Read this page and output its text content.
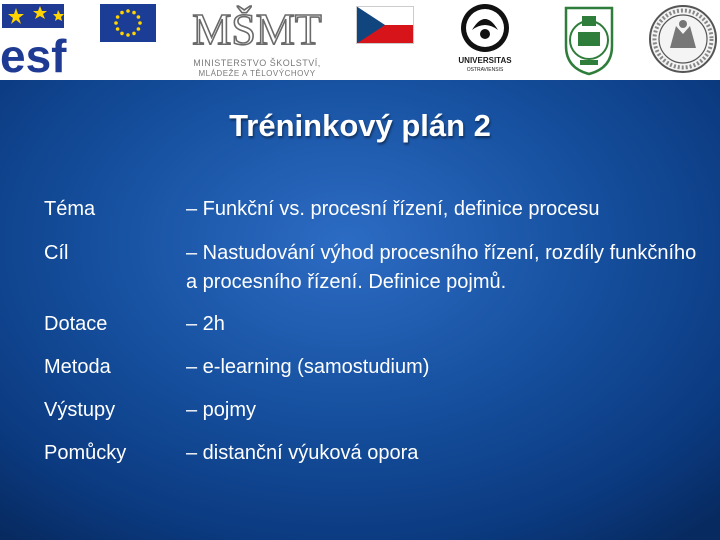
esf
MŠMT
MINISTERSTVO ŠKOLSTVÍ,
MLÁDEŽE A TĚLOVÝCHOVY
UNIVERSITAS
OSTRAVIENSIS
Tréninkový plán 2
Téma	– Funkční vs. procesní řízení, definice procesu
Cíl	– Nastudování výhod procesního řízení, rozdíly funkčního a procesního řízení. Definice pojmů.
Dotace	– 2h
Metoda	– e-learning (samostudium)
Výstupy	– pojmy
Pomůcky	– distanční výuková opora
